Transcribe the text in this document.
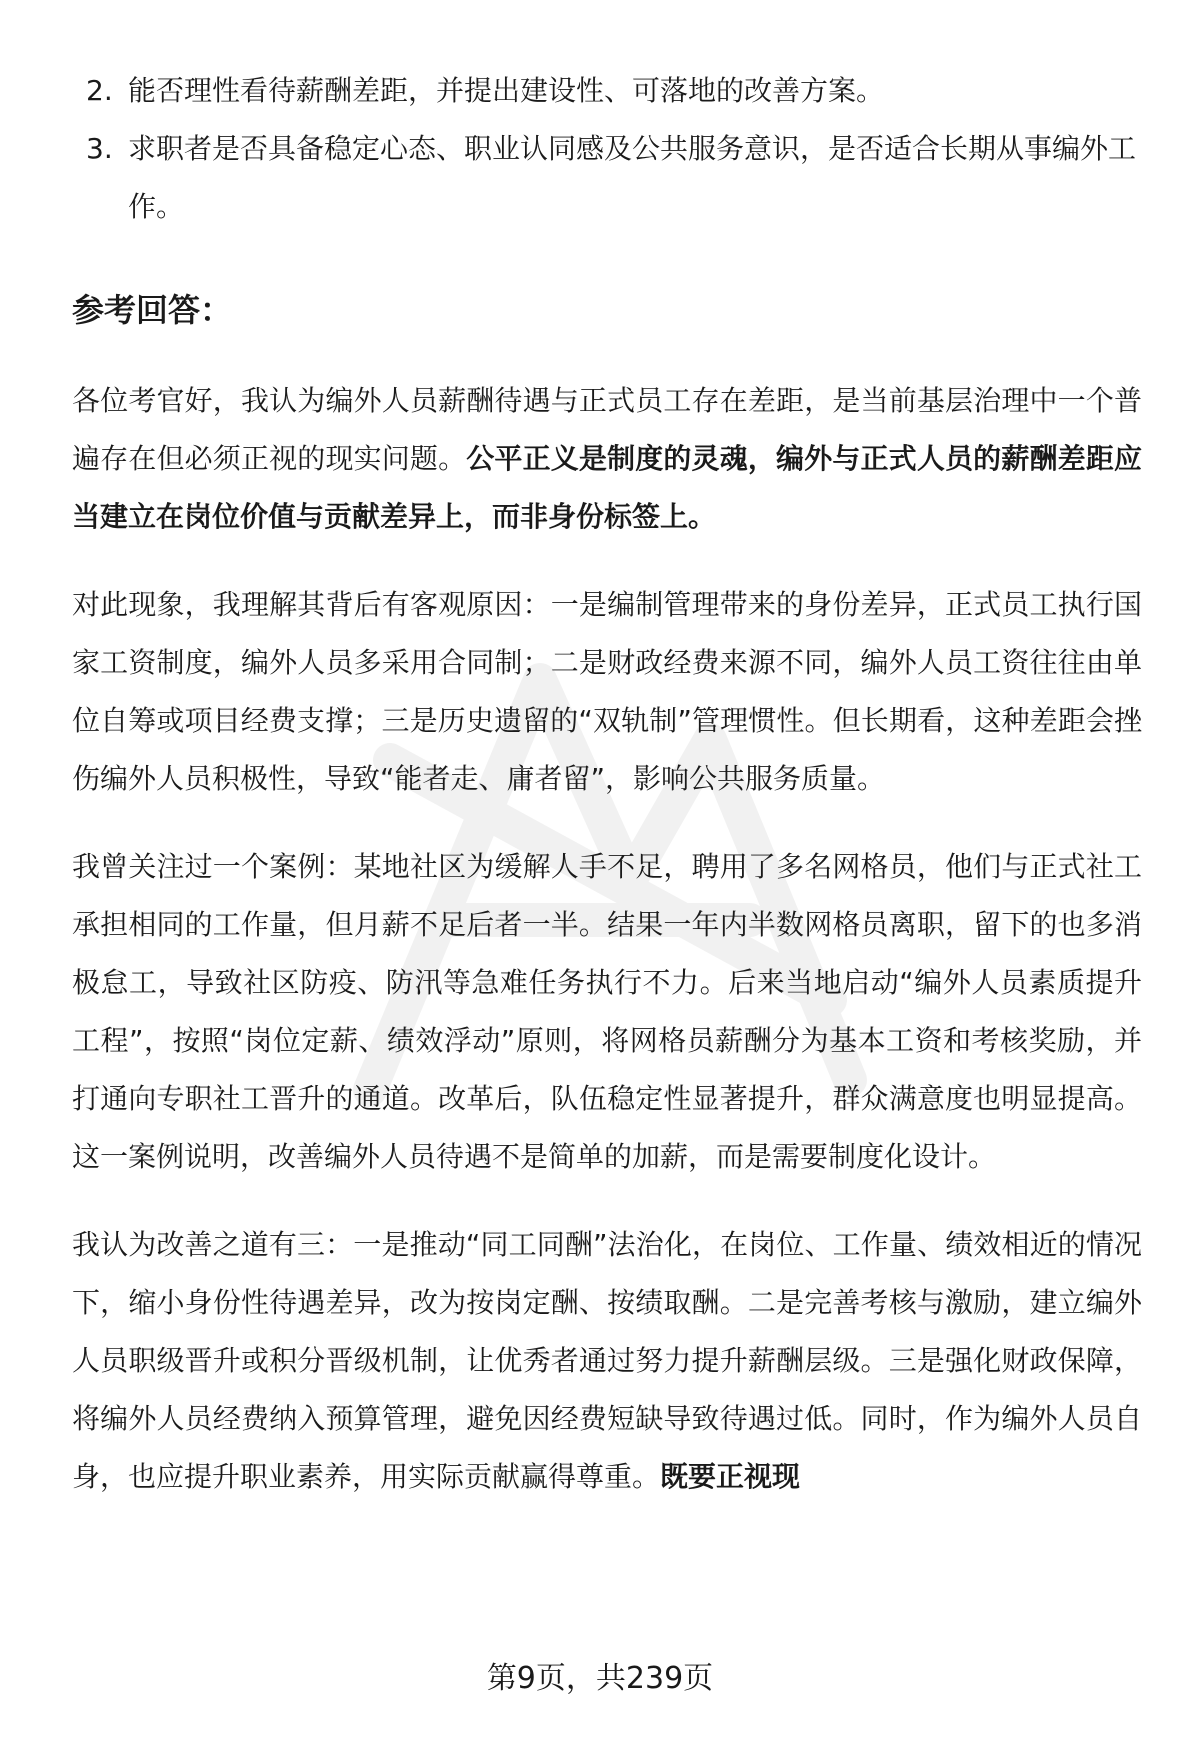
2. 能否理性看待薪酬差距，并提出建设性、可落地的改善方案。
3. 求职者是否具备稳定心态、职业认同感及公共服务意识，是否适合长期从事编外工作。
参考回答：

各位考官好，我认为编外人员薪酬待遇与正式员工存在差距，是当前基层治理中一个普遍存在但必须正视的现实问题。公平正义是制度的灵魂，编外与正式人员的薪酬差距应当建立在岗位价值与贡献差异上，而非身份标签上。

对此现象，我理解其背后有客观原因：一是编制管理带来的身份差异，正式员工执行国家工资制度，编外人员多采用合同制；二是财政经费来源不同，编外人员工资往往由单位自筹或项目经费支撑；三是历史遗留的“双轨制”管理惯性。但长期看，这种差距会挫伤编外人员积极性，导致“能者走、庸者留”，影响公共服务质量。

我曾关注过一个案例：某地社区为缓解人手不足，聘用了多名网格员，他们与正式社工承担相同的工作量，但月薪不足后者一半。结果一年内半数网格员离职，留下的也多消极怠工，导致社区防疫、防汛等急难任务执行不力。后来当地启动“编外人员素质提升工程”，按照“岗位定薪、绩效浮动”原则，将网格员薪酬分为基本工资和考核奖励，并打通向专职社工晋升的通道。改革后，队伍稳定性显著提升，群众满意度也明显提高。这一案例说明，改善编外人员待遇不是简单的加薪，而是需要制度化设计。

我认为改善之道有三：一是推动“同工同酬”法治化，在岗位、工作量、绩效相近的情况下，缩小身份性待遇差异，改为按岗定酬、按绩取酬。二是完善考核与激励，建立编外人员职级晋升或积分晋级机制，让优秀者通过努力提升薪酬层级。三是强化财政保障，将编外人员经费纳入预算管理，避免因经费短缺导致待遇过低。同时，作为编外人员自身，也应提升职业素养，用实际贡献赢得尊重。既要正视现

第9页，共239页
